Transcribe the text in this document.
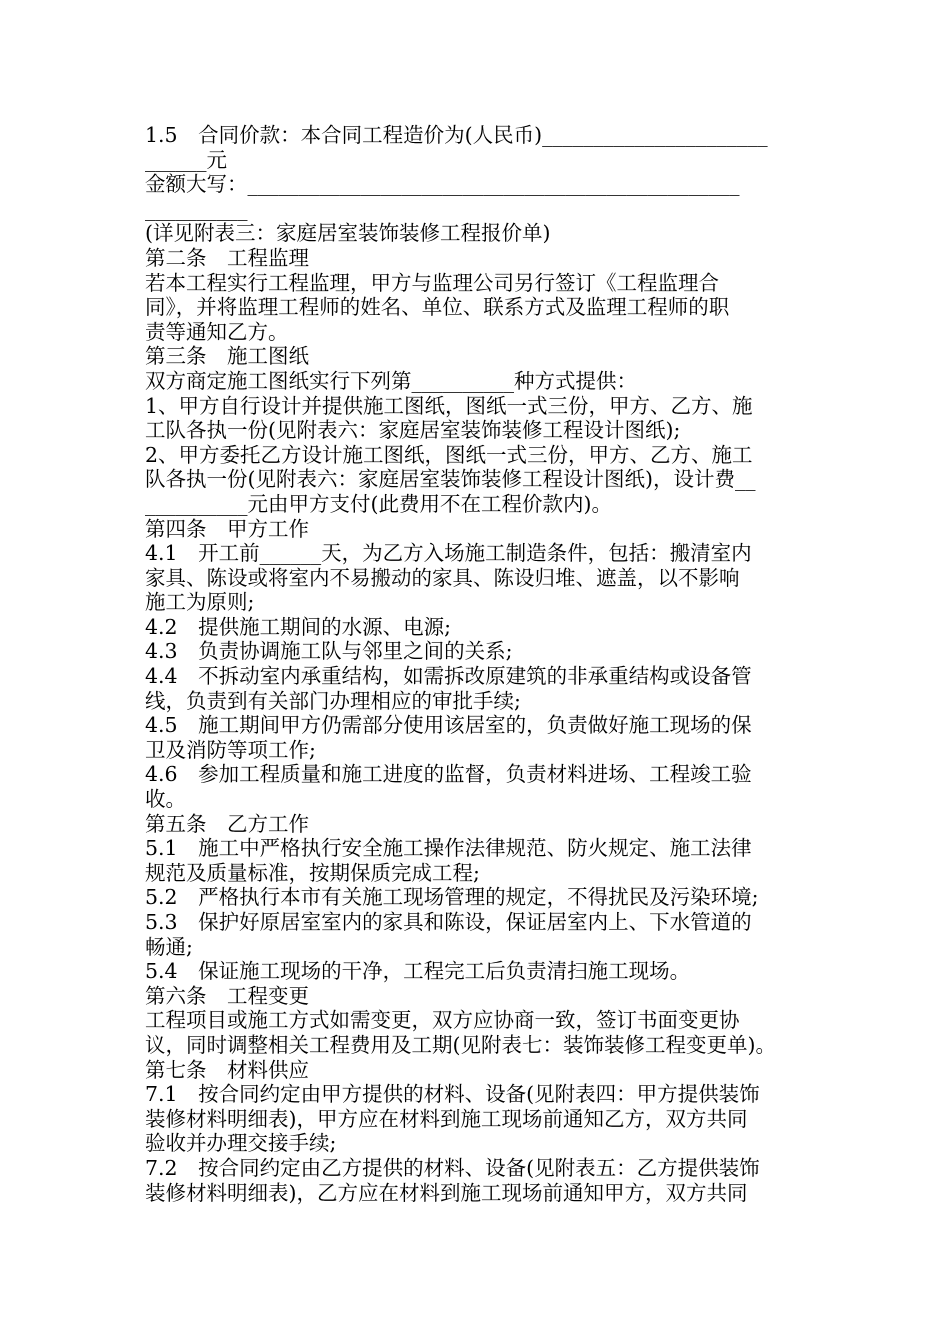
1.5　合同价款：本合同工程造价为(人民币)______________________
______元
金额大写：________________________________________________
__________
(详见附表三：家庭居室装饰装修工程报价单)
第二条　工程监理
若本工程实行工程监理，甲方与监理公司另行签订《工程监理合
同》，并将监理工程师的姓名、单位、联系方式及监理工程师的职
责等通知乙方。
第三条　施工图纸
双方商定施工图纸实行下列第__________种方式提供：
1、甲方自行设计并提供施工图纸，图纸一式三份，甲方、乙方、施
工队各执一份(见附表六：家庭居室装饰装修工程设计图纸);
2、甲方委托乙方设计施工图纸，图纸一式三份，甲方、乙方、施工
队各执一份(见附表六：家庭居室装饰装修工程设计图纸)，设计费__
__________元由甲方支付(此费用不在工程价款内)。
第四条　甲方工作
4.1　开工前______天，为乙方入场施工制造条件，包括：搬清室内
家具、陈设或将室内不易搬动的家具、陈设归堆、遮盖，以不影响
施工为原则;
4.2　提供施工期间的水源、电源;
4.3　负责协调施工队与邻里之间的关系;
4.4　不拆动室内承重结构，如需拆改原建筑的非承重结构或设备管
线，负责到有关部门办理相应的审批手续;
4.5　施工期间甲方仍需部分使用该居室的，负责做好施工现场的保
卫及消防等项工作;
4.6　参加工程质量和施工进度的监督，负责材料进场、工程竣工验
收。
第五条　乙方工作
5.1　施工中严格执行安全施工操作法律规范、防火规定、施工法律
规范及质量标准，按期保质完成工程;
5.2　严格执行本市有关施工现场管理的规定，不得扰民及污染环境;
5.3　保护好原居室室内的家具和陈设，保证居室内上、下水管道的
畅通;
5.4　保证施工现场的干净，工程完工后负责清扫施工现场。
第六条　工程变更
工程项目或施工方式如需变更，双方应协商一致，签订书面变更协
议，同时调整相关工程费用及工期(见附表七：装饰装修工程变更单)。
第七条　材料供应
7.1　按合同约定由甲方提供的材料、设备(见附表四：甲方提供装饰
装修材料明细表)，甲方应在材料到施工现场前通知乙方，双方共同
验收并办理交接手续;
7.2　按合同约定由乙方提供的材料、设备(见附表五：乙方提供装饰
装修材料明细表)，乙方应在材料到施工现场前通知甲方，双方共同
